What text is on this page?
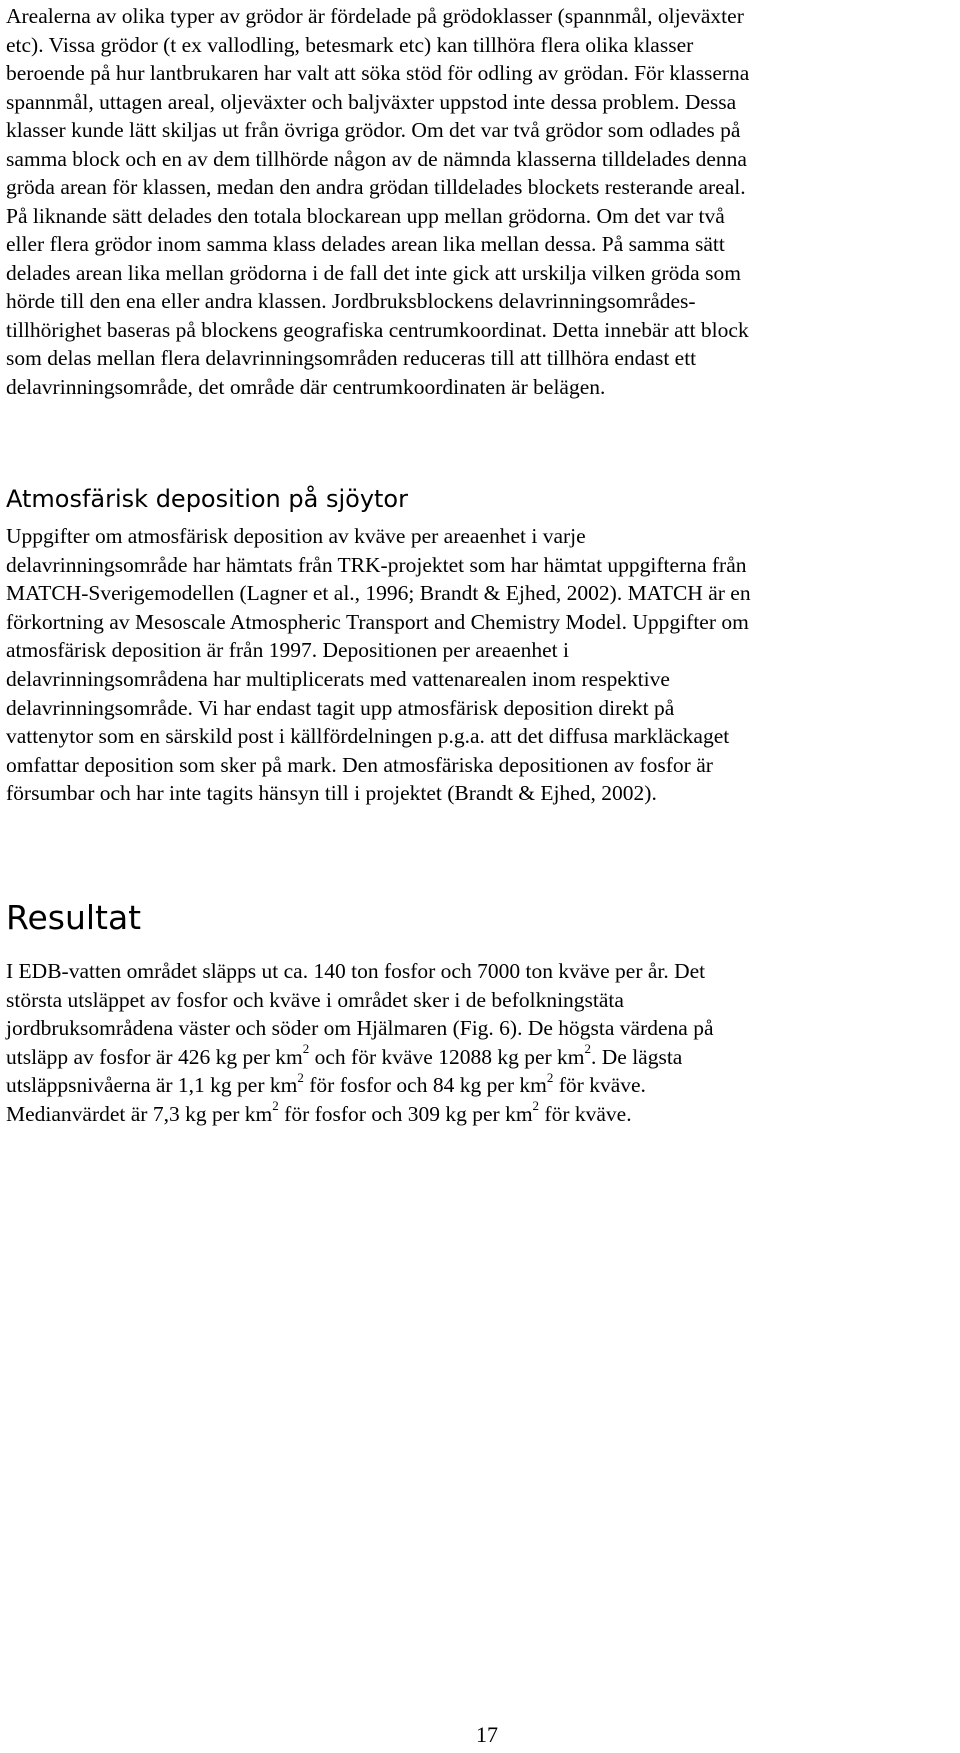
Arealerna av olika typer av grödor är fördelade på grödoklasser (spannmål, oljeväxter
etc). Vissa grödor (t ex vallodling, betesmark etc) kan tillhöra flera olika klasser
beroende på hur lantbrukaren har valt att söka stöd för odling av grödan. För klasserna
spannmål, uttagen areal, oljeväxter och baljväxter uppstod inte dessa problem. Dessa
klasser kunde lätt skiljas ut från övriga grödor. Om det var två grödor som odlades på
samma block och en av dem tillhörde någon av de nämnda klasserna tilldelades denna
gröda arean för klassen, medan den andra grödan tilldelades blockets resterande areal.
På liknande sätt delades den totala blockarean upp mellan grödorna. Om det var två
eller flera grödor inom samma klass delades arean lika mellan dessa. På samma sätt
delades arean lika mellan grödorna i de fall det inte gick att urskilja vilken gröda som
hörde till den ena eller andra klassen. Jordbruksblockens delavrinningsområdes-
tillhörighet baseras på blockens geografiska centrumkoordinat. Detta innebär att block
som delas mellan flera delavrinningsområden reduceras till att tillhöra endast ett
delavrinningsområde, det område där centrumkoordinaten är belägen.

Atmosfärisk deposition på sjöytor

Uppgifter om atmosfärisk deposition av kväve per areaenhet i varje
delavrinningsområde har hämtats från TRK-projektet som har hämtat uppgifterna från
MATCH-Sverigemodellen (Lagner et al., 1996; Brandt & Ejhed, 2002). MATCH är en
förkortning av Mesoscale Atmospheric Transport and Chemistry Model. Uppgifter om
atmosfärisk deposition är från 1997. Depositionen per areaenhet i
delavrinningsområdena har multiplicerats med vattenarealen inom respektive
delavrinningsområde. Vi har endast tagit upp atmosfärisk deposition direkt på
vattenytor som en särskild post i källfördelningen p.g.a. att det diffusa markläckaget
omfattar deposition som sker på mark. Den atmosfäriska depositionen av fosfor är
försumbar och har inte tagits hänsyn till i projektet (Brandt & Ejhed, 2002).

Resultat

I EDB-vatten området släpps ut ca. 140 ton fosfor och 7000 ton kväve per år. Det
största utsläppet av fosfor och kväve i området sker i de befolkningstäta
jordbruksområdena väster och söder om Hjälmaren (Fig. 6). De högsta värdena på
utsläpp av fosfor är 426 kg per $km^2$ och för kväve 12088 kg per $km^2$. De lägsta
utsläppsnivåerna är 1,1 kg per $km^2$ för fosfor och 84 kg per $km^2$ för kväve.
Medianvärdet är 7,3 kg per $km^2$ för fosfor och 309 kg per $km^2$ för kväve.

17
